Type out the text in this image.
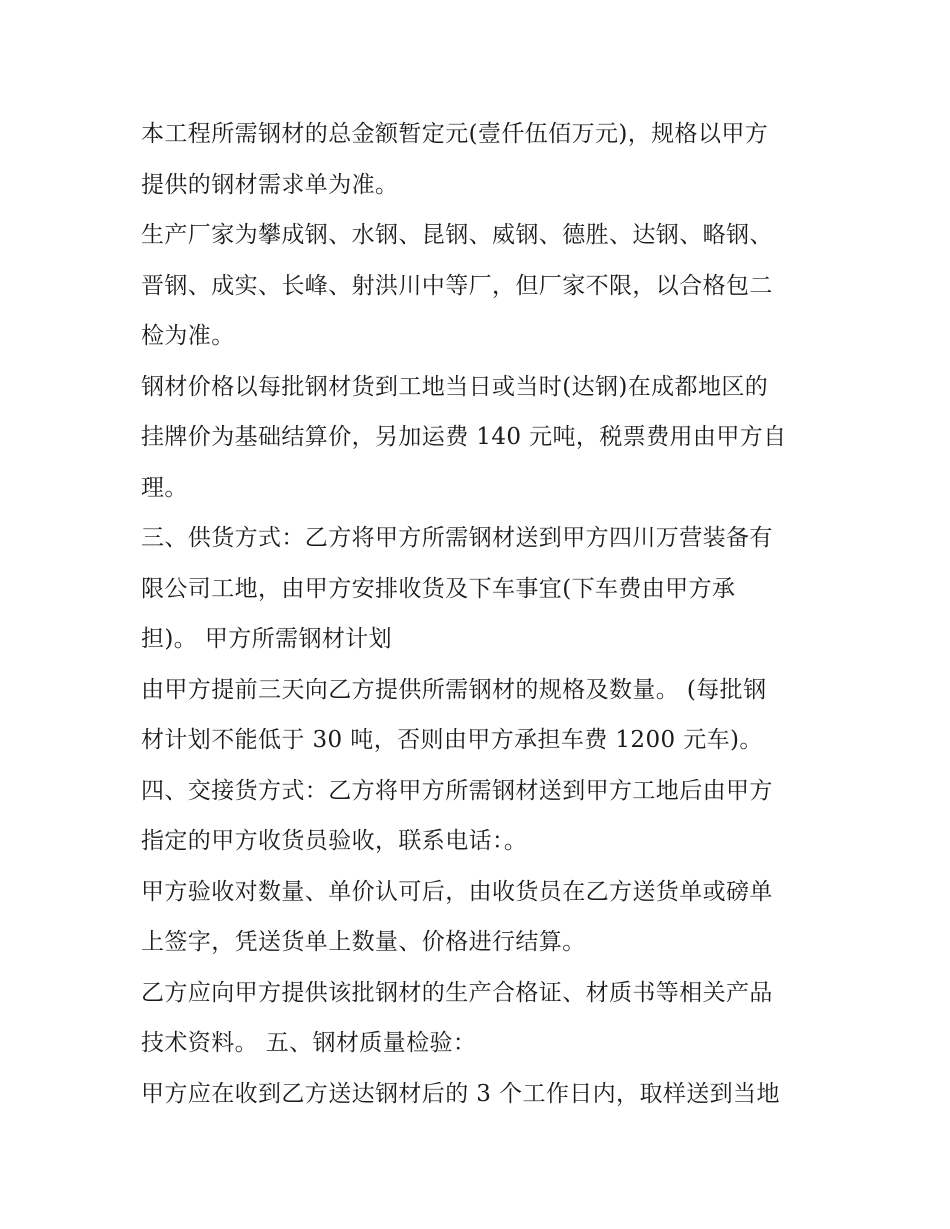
本工程所需钢材的总金额暂定元(壹仟伍佰万元)，规格以甲方
提供的钢材需求单为准。
生产厂家为攀成钢、水钢、昆钢、威钢、德胜、达钢、略钢、
晋钢、成实、长峰、射洪川中等厂，但厂家不限，以合格包二
检为准。
钢材价格以每批钢材货到工地当日或当时(达钢)在成都地区的
挂牌价为基础结算价，另加运费 140 元吨，税票费用由甲方自
理。
三、供货方式：乙方将甲方所需钢材送到甲方四川万营装备有
限公司工地，由甲方安排收货及下车事宜(下车费由甲方承
担)。 甲方所需钢材计划
由甲方提前三天向乙方提供所需钢材的规格及数量。 (每批钢
材计划不能低于 30 吨，否则由甲方承担车费 1200 元车)。
四、交接货方式：乙方将甲方所需钢材送到甲方工地后由甲方
指定的甲方收货员验收，联系电话：。
甲方验收对数量、单价认可后，由收货员在乙方送货单或磅单
上签字，凭送货单上数量、价格进行结算。
乙方应向甲方提供该批钢材的生产合格证、材质书等相关产品
技术资料。 五、钢材质量检验：
甲方应在收到乙方送达钢材后的 3 个工作日内，取样送到当地
